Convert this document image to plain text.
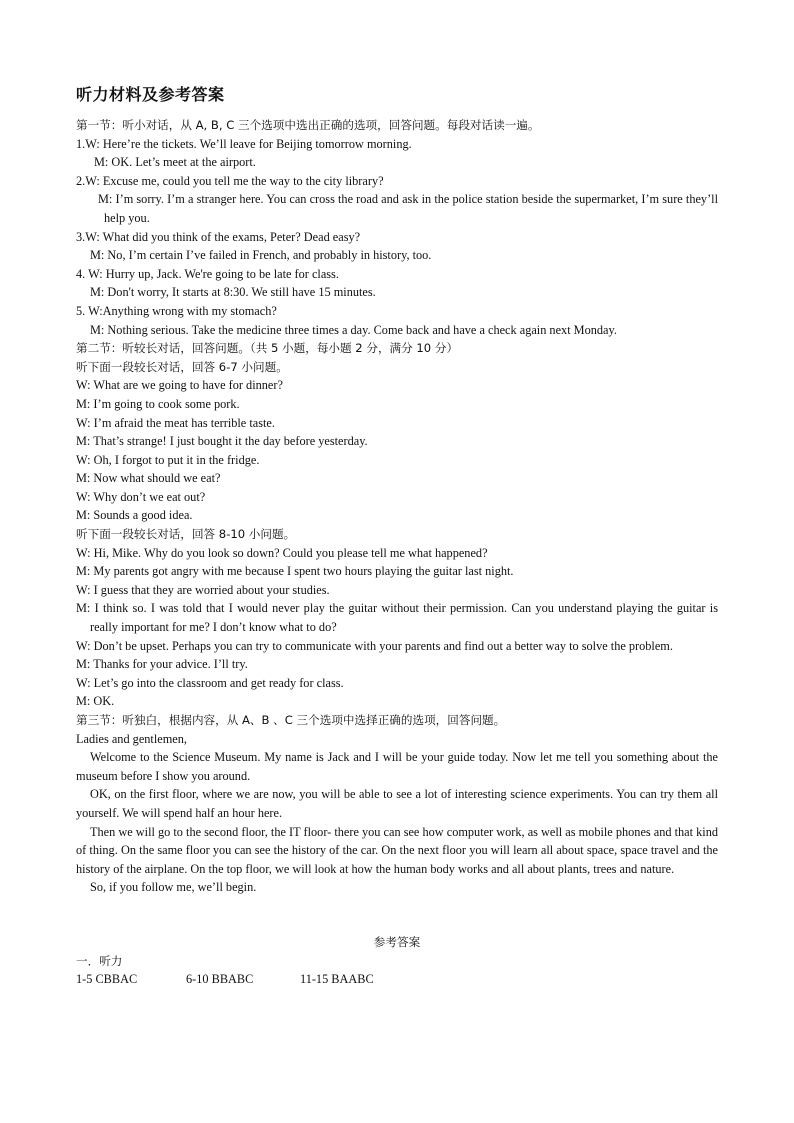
听力材料及参考答案
第一节：听小对话，从 A, B, C 三个选项中选出正确的选项，回答问题。每段对话读一遍。
1.W: Here’re the tickets. We’ll leave for Beijing tomorrow morning.
M: OK. Let’s meet at the airport.
2.W: Excuse me, could you tell me the way to the city library?
M: I’m sorry. I’m a stranger here. You can cross the road and ask in the police station beside the supermarket, I’m sure they’ll help you.
3.W: What did you think of the exams, Peter? Dead easy?
M: No, I’m certain I’ve failed in French, and probably in history, too.
4. W: Hurry up, Jack. We're going to be late for class.
M: Don't worry, It starts at 8:30. We still have 15 minutes.
5. W:Anything wrong with my stomach?
M: Nothing serious. Take the medicine three times a day. Come back and have a check again next Monday.
第二节：听较长对话，回答问题。（共 5 小题，每小题 2 分，满分 10 分）
听下面一段较长对话，回答 6-7 小问题。
W: What are we going to have for dinner?
M: I’m going to cook some pork.
W: I’m afraid the meat has terrible taste.
M: That’s strange! I just bought it the day before yesterday.
W: Oh, I forgot to put it in the fridge.
M: Now what should we eat?
W: Why don’t we eat out?
M: Sounds a good idea.
听下面一段较长对话，回答 8-10 小问题。
W: Hi, Mike. Why do you look so down? Could you please tell me what happened?
M: My parents got angry with me because I spent two hours playing the guitar last night.
W: I guess that they are worried about your studies.
M: I think so. I was told that I would never play the guitar without their permission. Can you understand playing the guitar is really important for me? I don’t know what to do?
W: Don’t be upset. Perhaps you can try to communicate with your parents and find out a better way to solve the problem.
M: Thanks for your advice. I’ll try.
W: Let’s go into the classroom and get ready for class.
M: OK.
第三节：听独白，根据内容，从 A、B 、C 三个选项中选择正确的选项，回答问题。
Ladies and gentlemen,
Welcome to the Science Museum. My name is Jack and I will be your guide today. Now let me tell you something about the museum before I show you around.
OK, on the first floor, where we are now, you will be able to see a lot of interesting science experiments. You can try them all yourself. We will spend half an hour here.
Then we will go to the second floor, the IT floor- there you can see how computer work, as well as mobile phones and that kind of thing. On the same floor you can see the history of the car. On the next floor you will learn all about space, space travel and the history of the airplane. On the top floor, we will look at how the human body works and all about plants, trees and nature.
So, if you follow me, we’ll begin.
参考答案
一．听力
1-5 CBBAC	6-10 BBABC	11-15 BAABC
